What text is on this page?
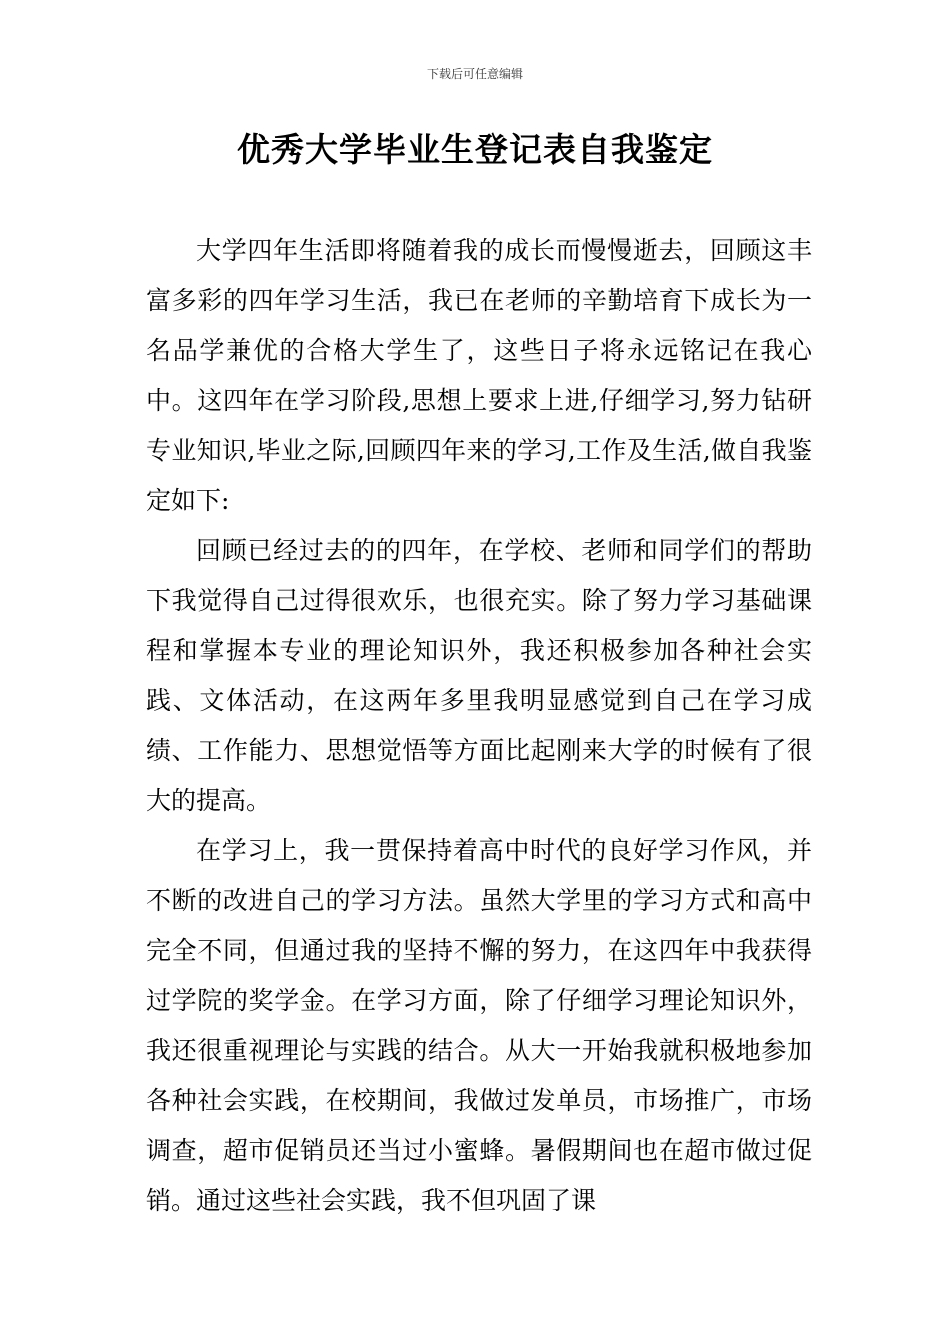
下载后可任意编辑
优秀大学毕业生登记表自我鉴定

大学四年生活即将随着我的成长而慢慢逝去，回顾这丰富多彩的四年学习生活，我已在老师的辛勤培育下成长为一名品学兼优的合格大学生了，这些日子将永远铭记在我心中。这四年在学习阶段,思想上要求上进,仔细学习,努力钻研专业知识,毕业之际,回顾四年来的学习,工作及生活,做自我鉴定如下:

回顾已经过去的的四年，在学校、老师和同学们的帮助下我觉得自己过得很欢乐，也很充实。除了努力学习基础课程和掌握本专业的理论知识外，我还积极参加各种社会实践、文体活动，在这两年多里我明显感觉到自己在学习成绩、工作能力、思想觉悟等方面比起刚来大学的时候有了很大的提高。

在学习上，我一贯保持着高中时代的良好学习作风，并不断的改进自己的学习方法。虽然大学里的学习方式和高中完全不同，但通过我的坚持不懈的努力，在这四年中我获得过学院的奖学金。在学习方面，除了仔细学习理论知识外，我还很重视理论与实践的结合。从大一开始我就积极地参加各种社会实践，在校期间，我做过发单员，市场推广，市场调查，超市促销员还当过小蜜蜂。暑假期间也在超市做过促销。通过这些社会实践，我不但巩固了课
